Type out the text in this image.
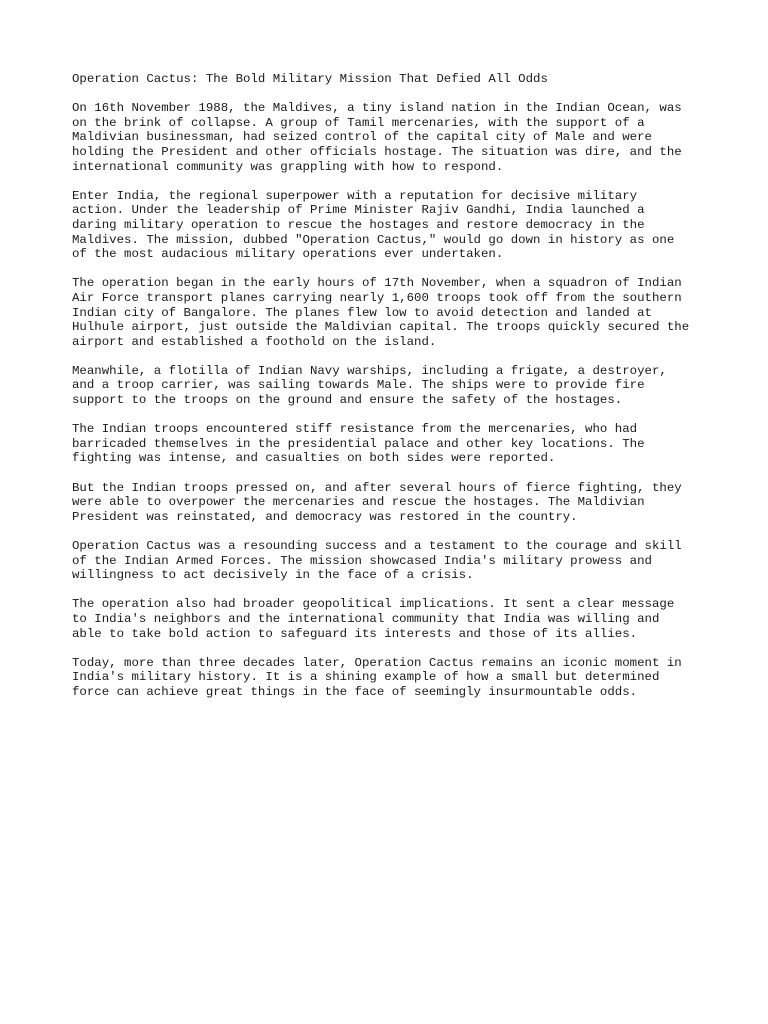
Operation Cactus: The Bold Military Mission That Defied All Odds

On 16th November 1988, the Maldives, a tiny island nation in the Indian Ocean, was
on the brink of collapse. A group of Tamil mercenaries, with the support of a
Maldivian businessman, had seized control of the capital city of Male and were
holding the President and other officials hostage. The situation was dire, and the
international community was grappling with how to respond.

Enter India, the regional superpower with a reputation for decisive military
action. Under the leadership of Prime Minister Rajiv Gandhi, India launched a
daring military operation to rescue the hostages and restore democracy in the
Maldives. The mission, dubbed "Operation Cactus," would go down in history as one
of the most audacious military operations ever undertaken.

The operation began in the early hours of 17th November, when a squadron of Indian
Air Force transport planes carrying nearly 1,600 troops took off from the southern
Indian city of Bangalore. The planes flew low to avoid detection and landed at
Hulhule airport, just outside the Maldivian capital. The troops quickly secured the
airport and established a foothold on the island.

Meanwhile, a flotilla of Indian Navy warships, including a frigate, a destroyer,
and a troop carrier, was sailing towards Male. The ships were to provide fire
support to the troops on the ground and ensure the safety of the hostages.

The Indian troops encountered stiff resistance from the mercenaries, who had
barricaded themselves in the presidential palace and other key locations. The
fighting was intense, and casualties on both sides were reported.

But the Indian troops pressed on, and after several hours of fierce fighting, they
were able to overpower the mercenaries and rescue the hostages. The Maldivian
President was reinstated, and democracy was restored in the country.

Operation Cactus was a resounding success and a testament to the courage and skill
of the Indian Armed Forces. The mission showcased India's military prowess and
willingness to act decisively in the face of a crisis.

The operation also had broader geopolitical implications. It sent a clear message
to India's neighbors and the international community that India was willing and
able to take bold action to safeguard its interests and those of its allies.

Today, more than three decades later, Operation Cactus remains an iconic moment in
India's military history. It is a shining example of how a small but determined
force can achieve great things in the face of seemingly insurmountable odds.
